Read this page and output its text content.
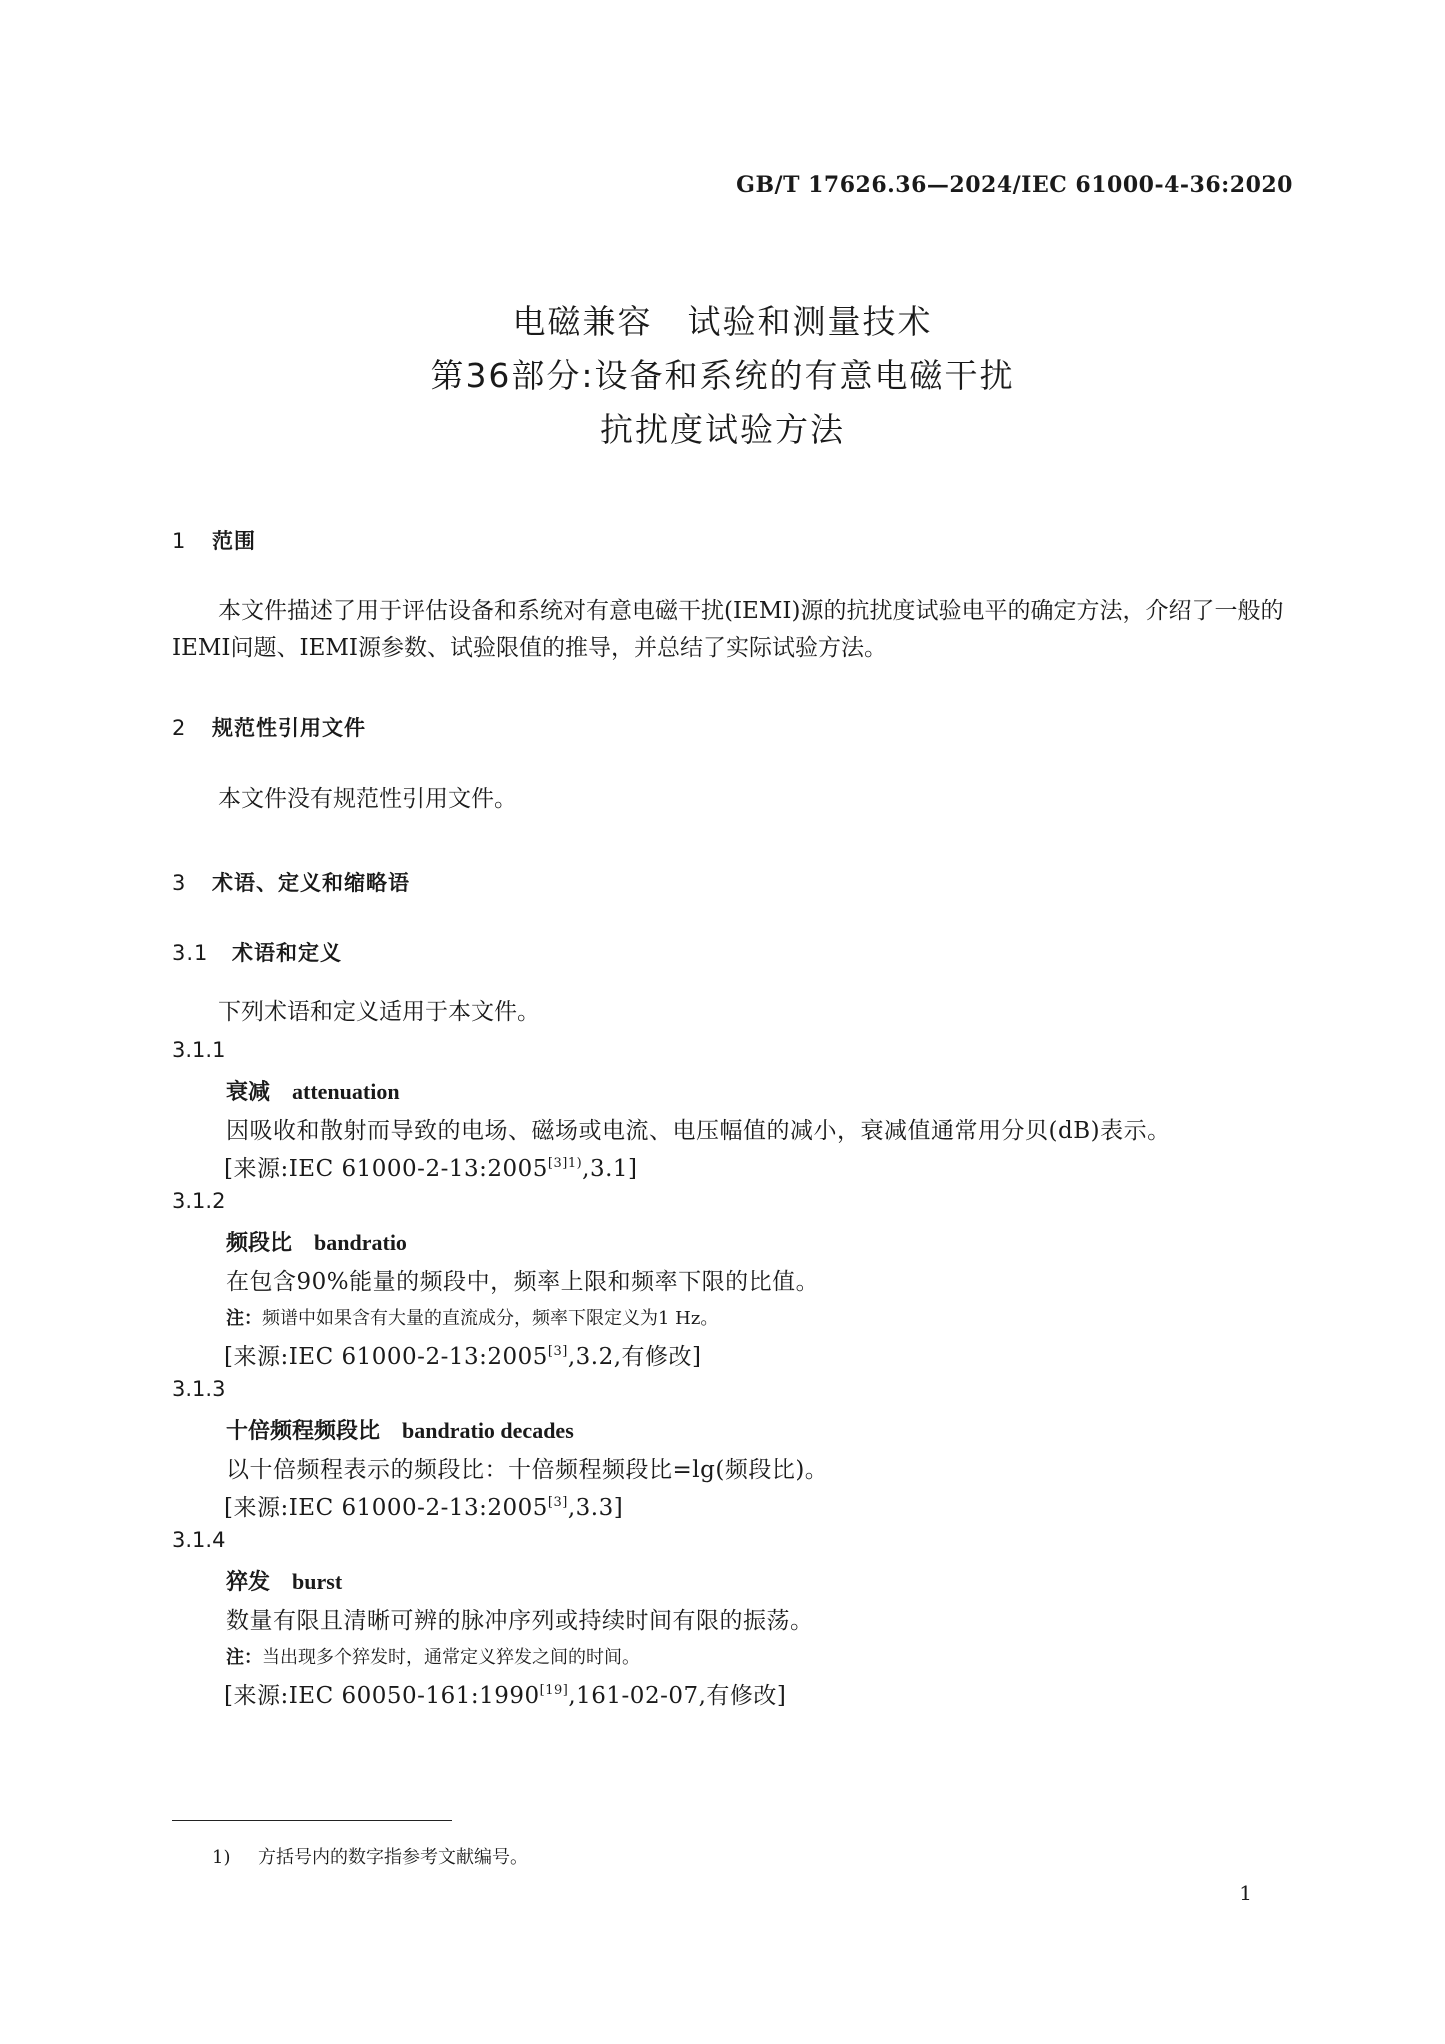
GB/T 17626.36—2024/IEC 61000-4-36:2020
电磁兼容　试验和测量技术
第36部分:设备和系统的有意电磁干扰
抗扰度试验方法
1 范围
本文件描述了用于评估设备和系统对有意电磁干扰(IEMI)源的抗扰度试验电平的确定方法，介绍了一般的IEMI问题、IEMI源参数、试验限值的推导，并总结了实际试验方法。
2 规范性引用文件
本文件没有规范性引用文件。
3 术语、定义和缩略语
3.1 术语和定义
下列术语和定义适用于本文件。
3.1.1
衰减 attenuation
因吸收和散射而导致的电场、磁场或电流、电压幅值的减小，衰减值通常用分贝(dB)表示。
[来源:IEC $61000-2-13:2005^{[3]1)},3.1$]
3.1.2
频段比 bandratio
在包含90%能量的频段中，频率上限和频率下限的比值。
注：频谱中如果含有大量的直流成分，频率下限定义为1 Hz。
[来源:IEC 61000-2-13:2005[3],3.2,有修改]
3.1.3
十倍频程频段比 bandratio decades
以十倍频程表示的频段比：十倍频程频段比=lg(频段比)。
[来源:IEC 61000-2-13:2005[3],3.3]
3.1.4
猝发 burst
数量有限且清晰可辨的脉冲序列或持续时间有限的振荡。
注：当出现多个猝发时，通常定义猝发之间的时间。
[来源:IEC 60050-161:1990[19],161-02-07,有修改]
1) 方括号内的数字指参考文献编号。
1
